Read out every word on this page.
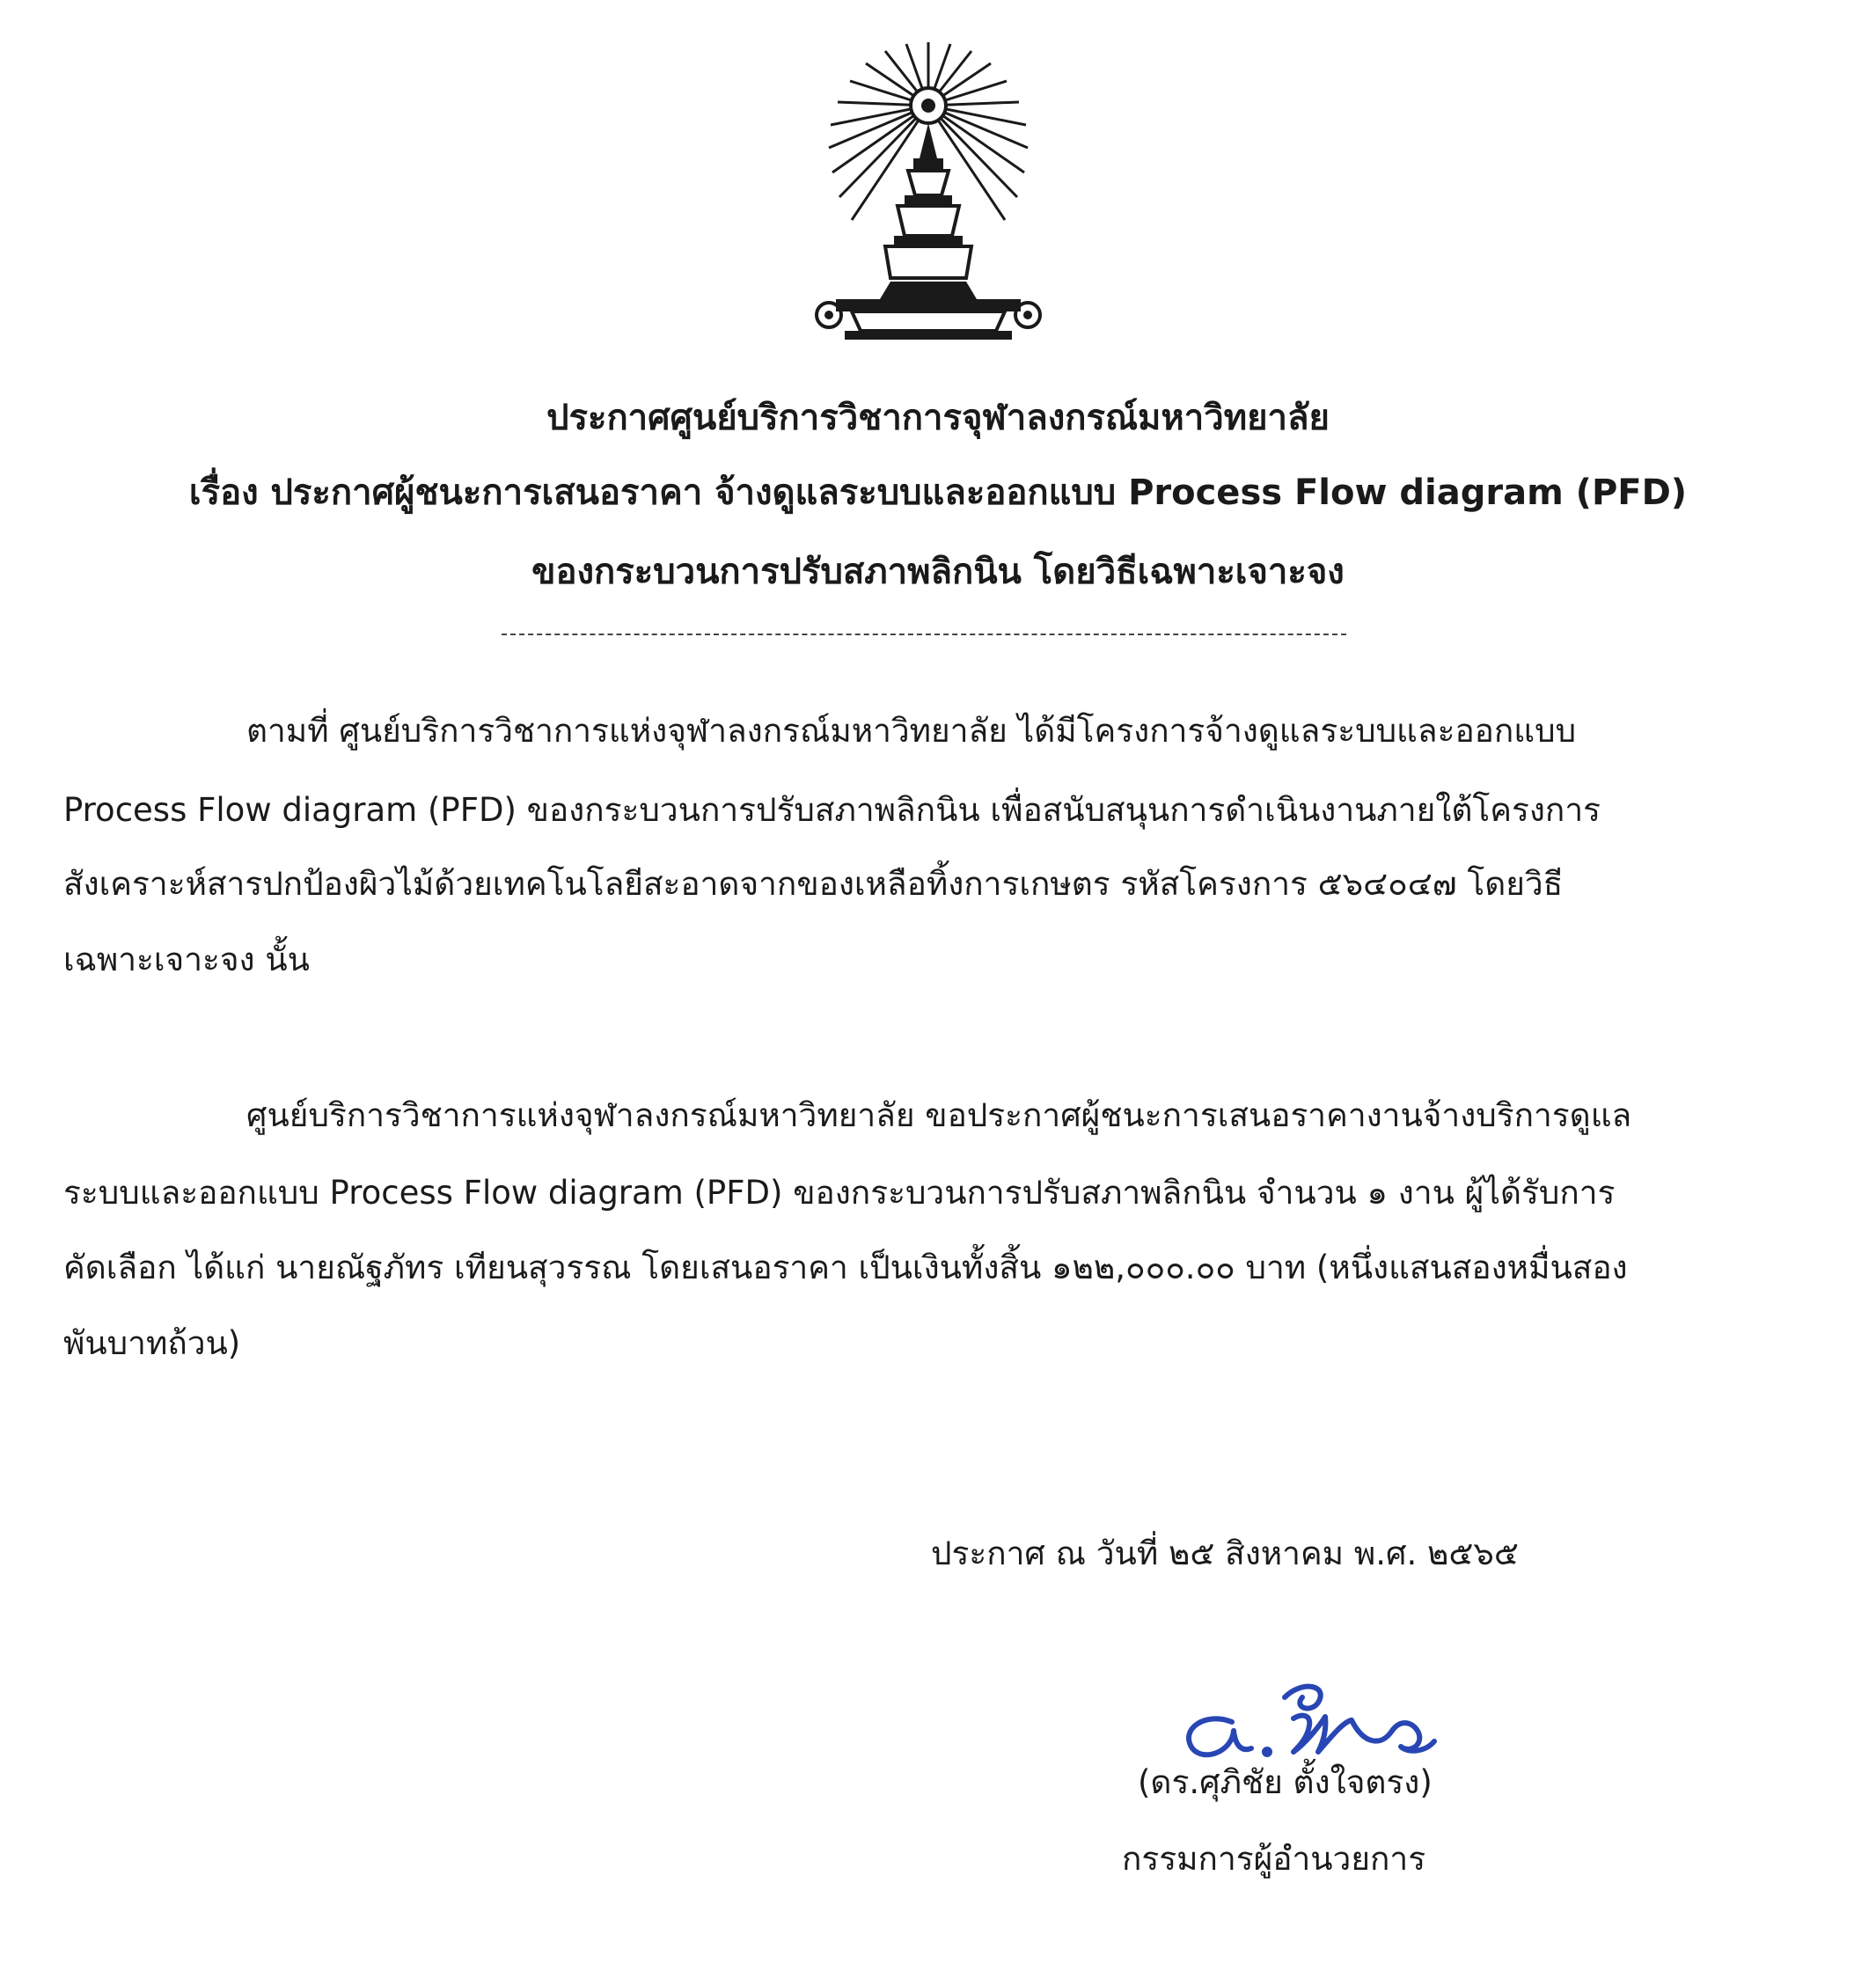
ประกาศศูนย์บริการวิชาการจุฬาลงกรณ์มหาวิทยาลัย
เรื่อง ประกาศผู้ชนะการเสนอราคา จ้างดูแลระบบและออกแบบ Process Flow diagram (PFD)
ของกระบวนการปรับสภาพลิกนิน โดยวิธีเฉพาะเจาะจง
ตามที่ ศูนย์บริการวิชาการแห่งจุฬาลงกรณ์มหาวิทยาลัย ได้มีโครงการจ้างดูแลระบบและออกแบบ
Process Flow diagram (PFD) ของกระบวนการปรับสภาพลิกนิน เพื่อสนับสนุนการดำเนินงานภายใต้โครงการ
สังเคราะห์สารปกป้องผิวไม้ด้วยเทคโนโลยีสะอาดจากของเหลือทิ้งการเกษตร รหัสโครงการ ๕๖๔๐๔๗ โดยวิธี
เฉพาะเจาะจง นั้น
ศูนย์บริการวิชาการแห่งจุฬาลงกรณ์มหาวิทยาลัย ขอประกาศผู้ชนะการเสนอราคางานจ้างบริการดูแล
ระบบและออกแบบ Process Flow diagram (PFD) ของกระบวนการปรับสภาพลิกนิน จำนวน ๑ งาน ผู้ได้รับการ
คัดเลือก ได้แก่ นายณัฐภัทร เทียนสุวรรณ โดยเสนอราคา เป็นเงินทั้งสิ้น ๑๒๒,๐๐๐.๐๐ บาท (หนึ่งแสนสองหมื่นสอง
พันบาทถ้วน)
ประกาศ ณ วันที่ ๒๕ สิงหาคม พ.ศ. ๒๕๖๕
(ดร.ศุภิชัย ตั้งใจตรง)
กรรมการผู้อำนวยการ
